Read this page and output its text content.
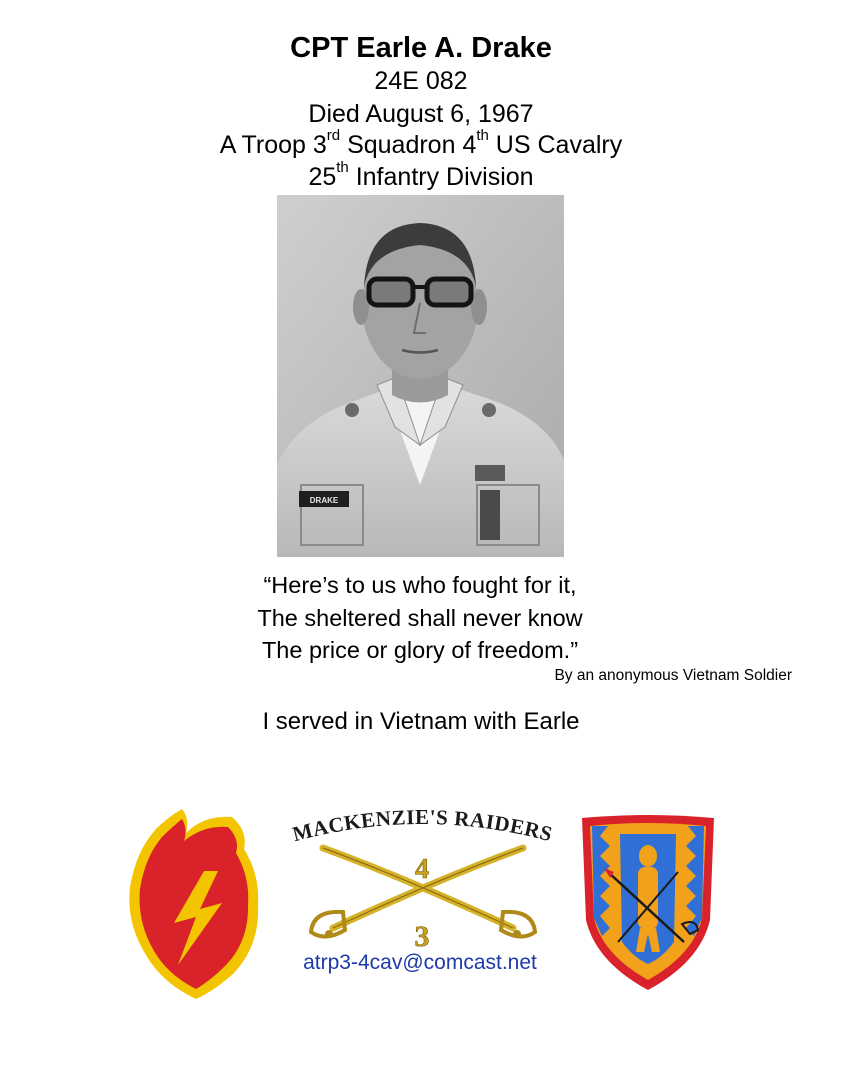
CPT Earle A. Drake
24E 082
Died August 6, 1967
A Troop 3rd Squadron 4th US Cavalry
25th Infantry Division
DRAKE
“Here’s to us who fought for it,
The sheltered shall never know
The price or glory of freedom.”
By an anonymous Vietnam Soldier
I served in Vietnam with Earle
MACKENZIE'S RAIDERS
4
3
atrp3-4cav@comcast.net
